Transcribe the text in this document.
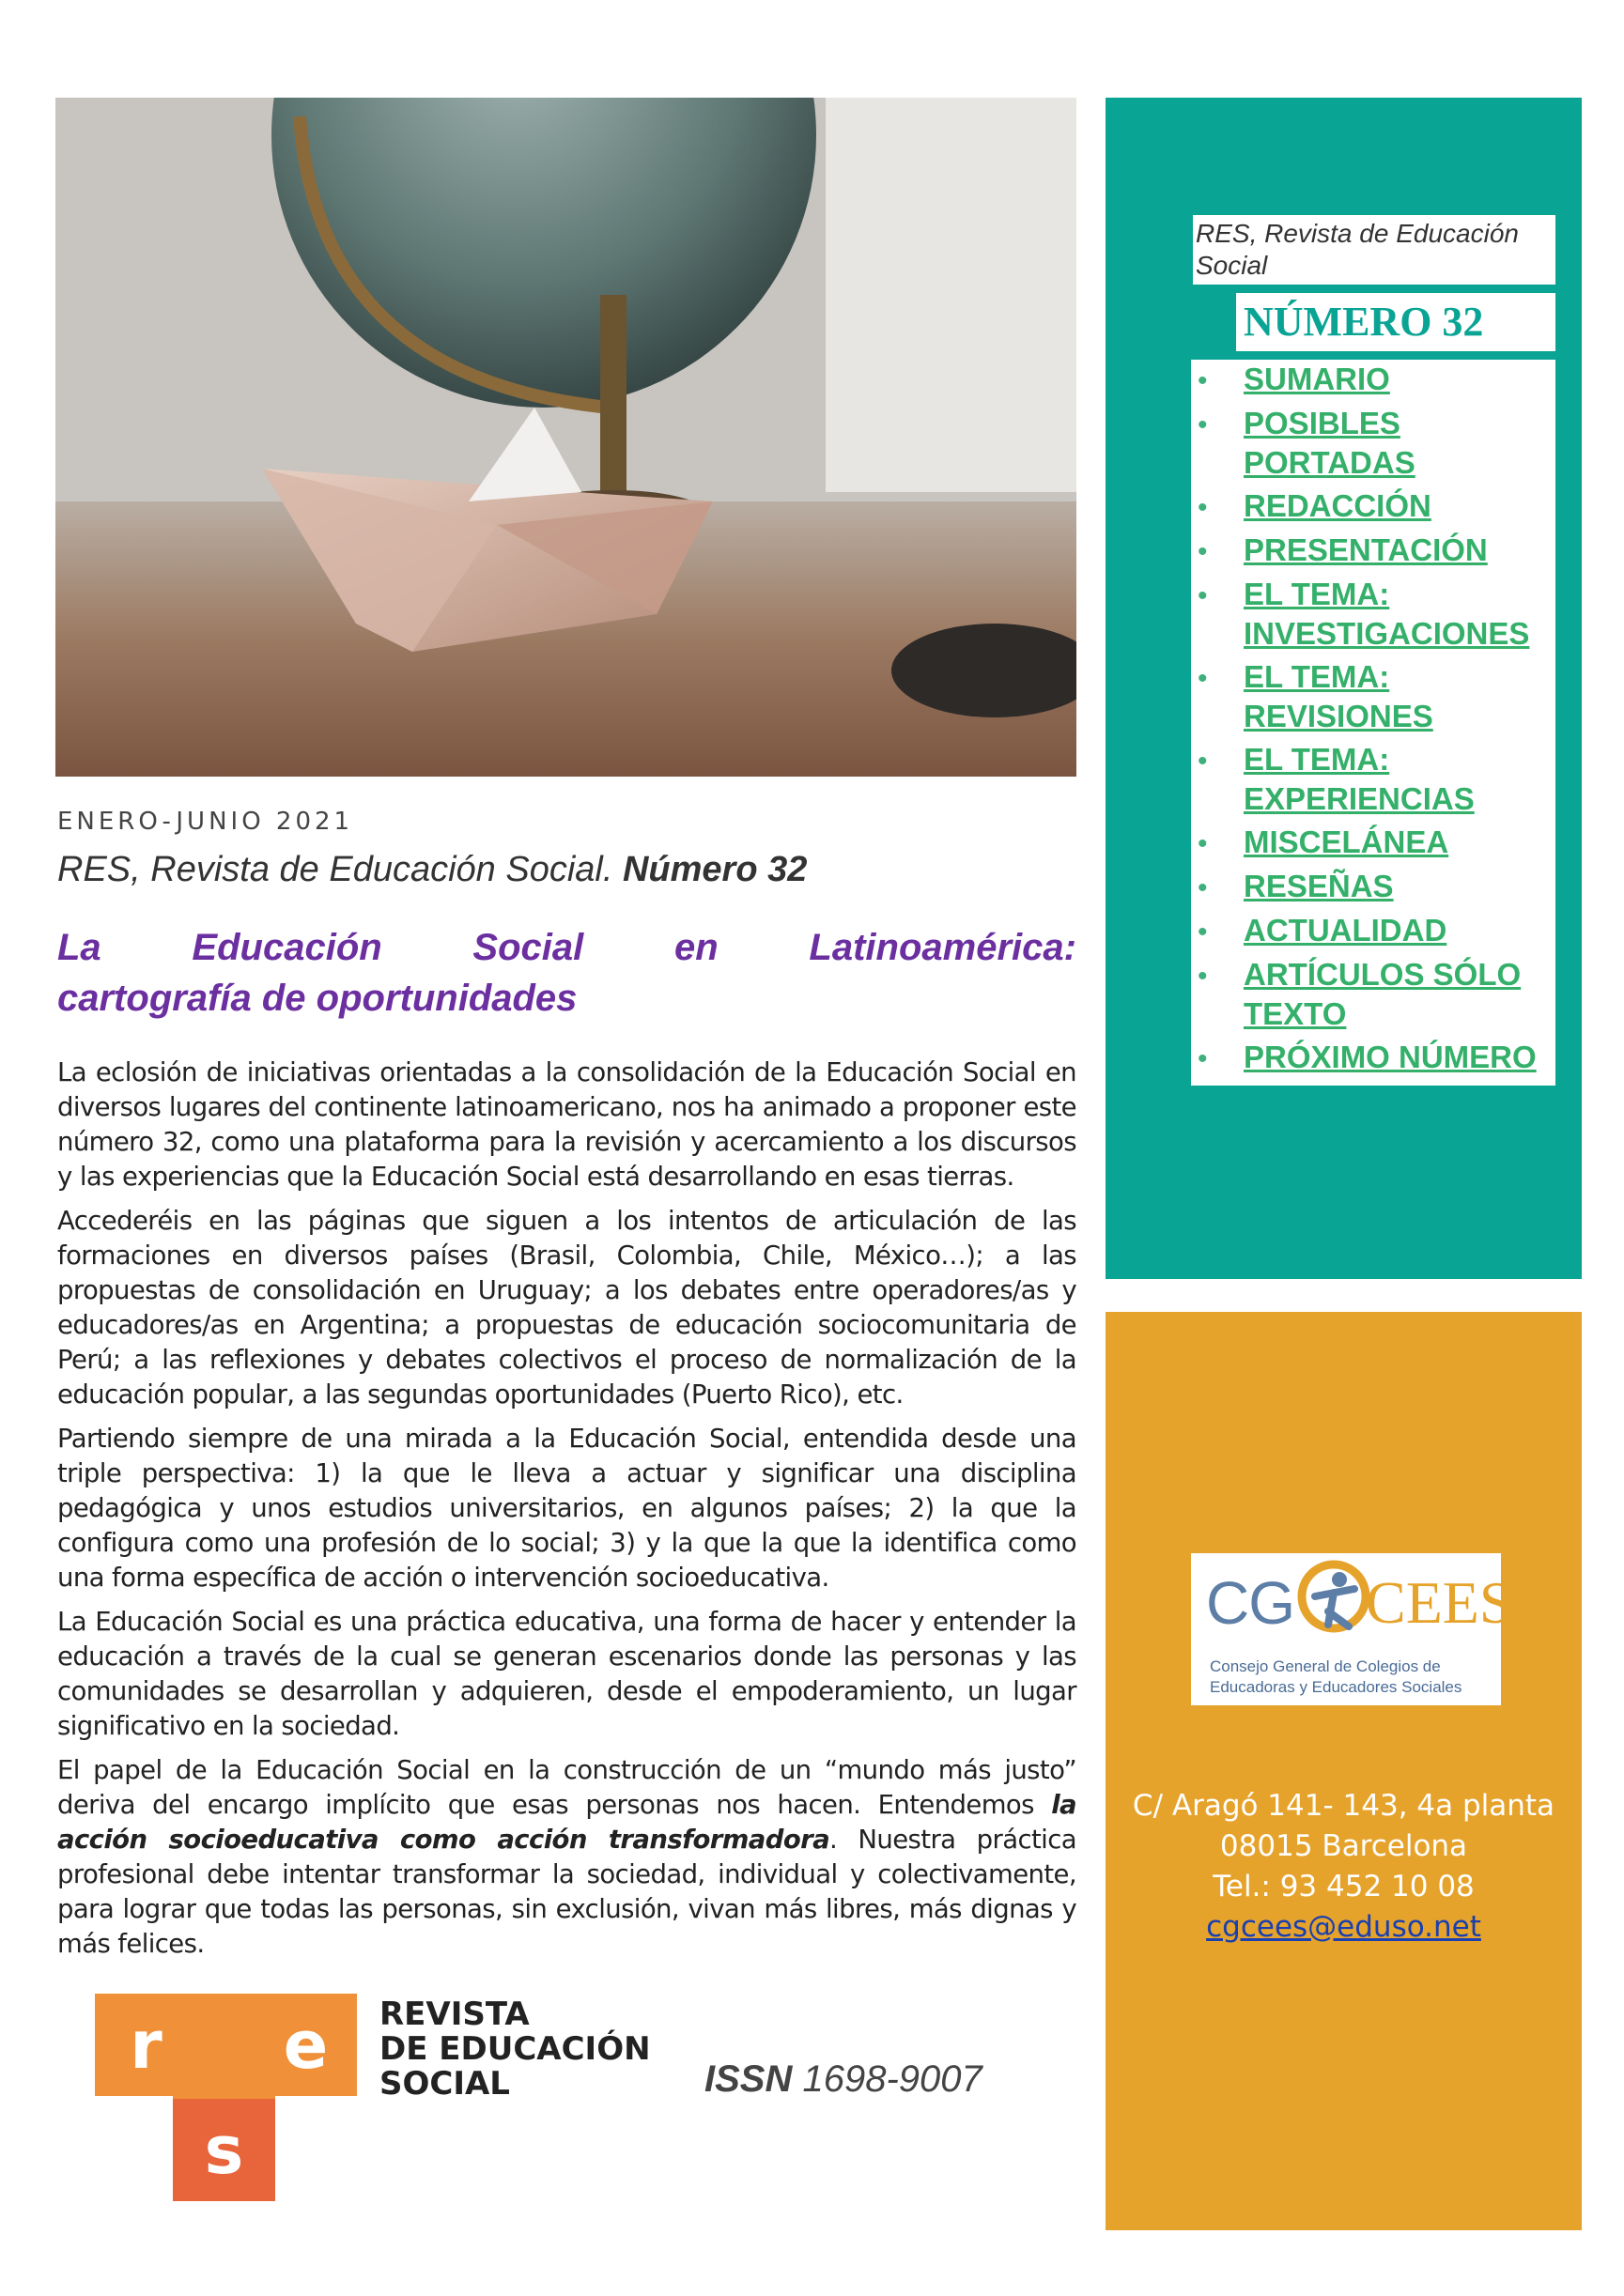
ENERO-JUNIO 2021
RES, Revista de Educación Social. Número 32
La Educación Social en Latinoamérica:
cartografía de oportunidades

La eclosión de iniciativas orientadas a la consolidación de la Educación Social en diversos lugares del continente latinoamericano, nos ha animado a proponer este número 32, como una plataforma para la revisión y acercamiento a los discursos y las experiencias que la Educación Social está desarrollando en esas tierras.

Accederéis en las páginas que siguen a los intentos de articulación de las formaciones en diversos países (Brasil, Colombia, Chile, México…); a las propuestas de consolidación en Uruguay; a los debates entre operadores/as y educadores/as en Argentina; a propuestas de educación sociocomunitaria de Perú; a las reflexiones y debates colectivos el proceso de normalización de la educación popular, a las segundas oportunidades (Puerto Rico), etc.

Partiendo siempre de una mirada a la Educación Social, entendida desde una triple perspectiva: 1) la que le lleva a actuar y significar una disciplina pedagógica y unos estudios universitarios, en algunos países; 2) la que la configura como una profesión de lo social; 3) y la que la que la identifica como una forma específica de acción o intervención socioeducativa.

La Educación Social es una práctica educativa, una forma de hacer y entender la educación a través de la cual se generan escenarios donde las personas y las comunidades se desarrollan y adquieren, desde el empoderamiento, un lugar significativo en la sociedad.

El papel de la Educación Social en la construcción de un “mundo más justo” deriva del encargo implícito que esas personas nos hacen. Entendemos la acción socioeducativa como acción transformadora. Nuestra práctica profesional debe intentar transformar la sociedad, individual y colectivamente, para lograr que todas las personas, sin exclusión, vivan más libres, más dignas y más felices.

r	e
s
REVISTA
DE EDUCACIÓN
SOCIAL	ISSN 1698-9007
RES, Revista de Educación Social
NÚMERO 32
• SUMARIO
• POSIBLES
PORTADAS
• REDACCIÓN
• PRESENTACIÓN
• EL TEMA:
INVESTIGACIONES
• EL TEMA:
REVISIONES
• EL TEMA:
EXPERIENCIAS
• MISCELÁNEA
• RESEÑAS
• ACTUALIDAD
• ARTÍCULOS SÓLO
TEXTO
• PRÓXIMO NÚMERO
CG CEES
Consejo General de Colegios de
Educadoras y Educadores Sociales
C/ Aragó 141- 143, 4a planta
08015 Barcelona
Tel.: 93 452 10 08
cgcees@eduso.net
